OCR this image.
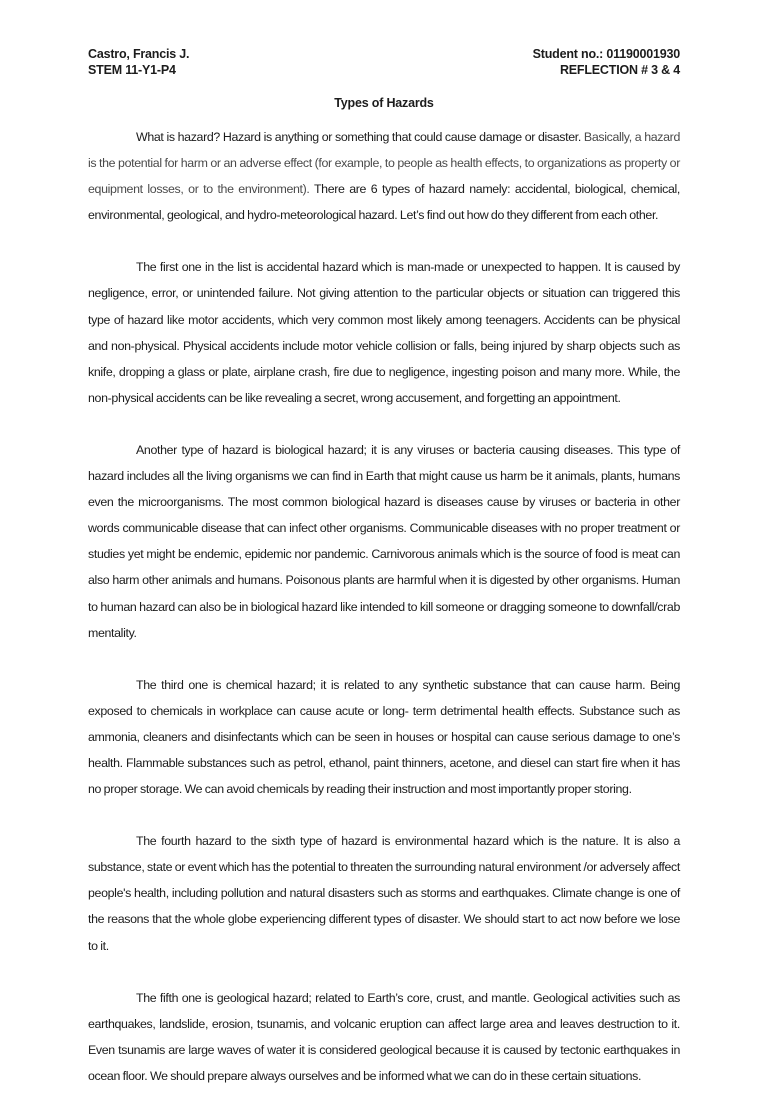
Castro, Francis J.	Student no.: 01190001930
STEM 11-Y1-P4	REFLECTION # 3 & 4
Types of Hazards

What is hazard? Hazard is anything or something that could cause damage or disaster. Basically, a hazard is the potential for harm or an adverse effect (for example, to people as health effects, to organizations as property or equipment losses, or to the environment). There are 6 types of hazard namely: accidental, biological, chemical, environmental, geological, and hydro-meteorological hazard. Let’s find out how do they different from each other.

The first one in the list is accidental hazard which is man-made or unexpected to happen. It is caused by negligence, error, or unintended failure. Not giving attention to the particular objects or situation can triggered this type of hazard like motor accidents, which very common most likely among teenagers. Accidents can be physical and non-physical. Physical accidents include motor vehicle collision or falls, being injured by sharp objects such as knife, dropping a glass or plate, airplane crash, fire due to negligence, ingesting poison and many more. While, the non-physical accidents can be like revealing a secret, wrong accusement, and forgetting an appointment.

Another type of hazard is biological hazard; it is any viruses or bacteria causing diseases. This type of hazard includes all the living organisms we can find in Earth that might cause us harm be it animals, plants, humans even the microorganisms. The most common biological hazard is diseases cause by viruses or bacteria in other words communicable disease that can infect other organisms. Communicable diseases with no proper treatment or studies yet might be endemic, epidemic nor pandemic. Carnivorous animals which is the source of food is meat can also harm other animals and humans. Poisonous plants are harmful when it is digested by other organisms. Human to human hazard can also be in biological hazard like intended to kill someone or dragging someone to downfall/crab mentality.

The third one is chemical hazard; it is related to any synthetic substance that can cause harm. Being exposed to chemicals in workplace can cause acute or long- term detrimental health effects. Substance such as ammonia, cleaners and disinfectants which can be seen in houses or hospital can cause serious damage to one’s health. Flammable substances such as petrol, ethanol, paint thinners, acetone, and diesel can start fire when it has no proper storage. We can avoid chemicals by reading their instruction and most importantly proper storing.

The fourth hazard to the sixth type of hazard is environmental hazard which is the nature. It is also a substance, state or event which has the potential to threaten the surrounding natural environment /or adversely affect people's health, including pollution and natural disasters such as storms and earthquakes. Climate change is one of the reasons that the whole globe experiencing different types of disaster. We should start to act now before we lose to it.

The fifth one is geological hazard; related to Earth’s core, crust, and mantle. Geological activities such as earthquakes, landslide, erosion, tsunamis, and volcanic eruption can affect large area and leaves destruction to it. Even tsunamis are large waves of water it is considered geological because it is caused by tectonic earthquakes in ocean floor. We should prepare always ourselves and be informed what we can do in these certain situations.
